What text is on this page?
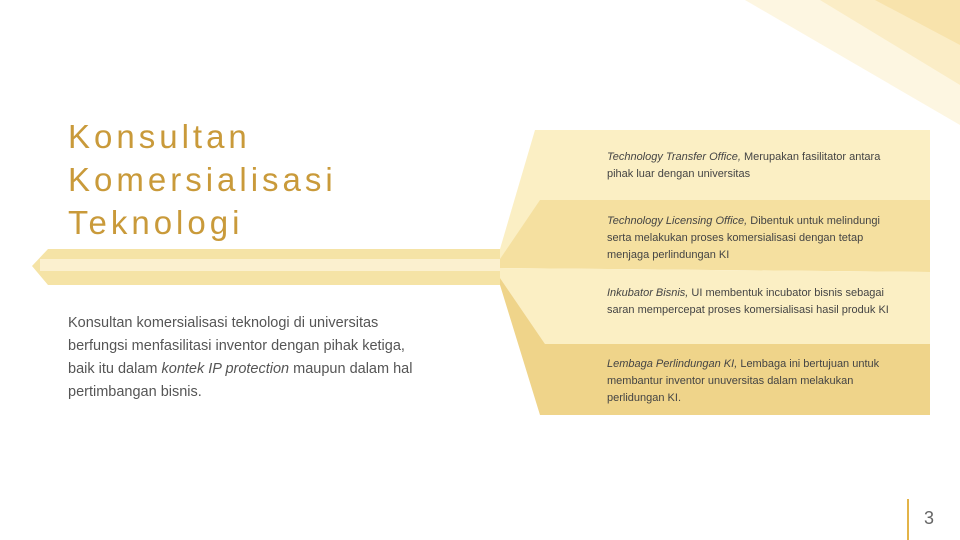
Konsultan
Komersialisasi
Teknologi
Konsultan komersialisasi teknologi di universitas berfungsi menfasilitasi inventor dengan pihak ketiga, baik itu dalam kontek IP protection maupun dalam hal pertimbangan bisnis.
Technology Transfer Office, Merupakan fasilitator antara pihak luar dengan universitas
Technology Licensing Office, Dibentuk untuk melindungi serta melakukan proses komersialisasi dengan tetap menjaga perlindungan KI
Inkubator Bisnis, UI membentuk incubator bisnis sebagai saran mempercepat proses komersialisasi hasil produk KI
Lembaga Perlindungan KI, Lembaga ini bertujuan untuk membantur inventor unuversitas dalam melakukan perlidungan KI.
3
